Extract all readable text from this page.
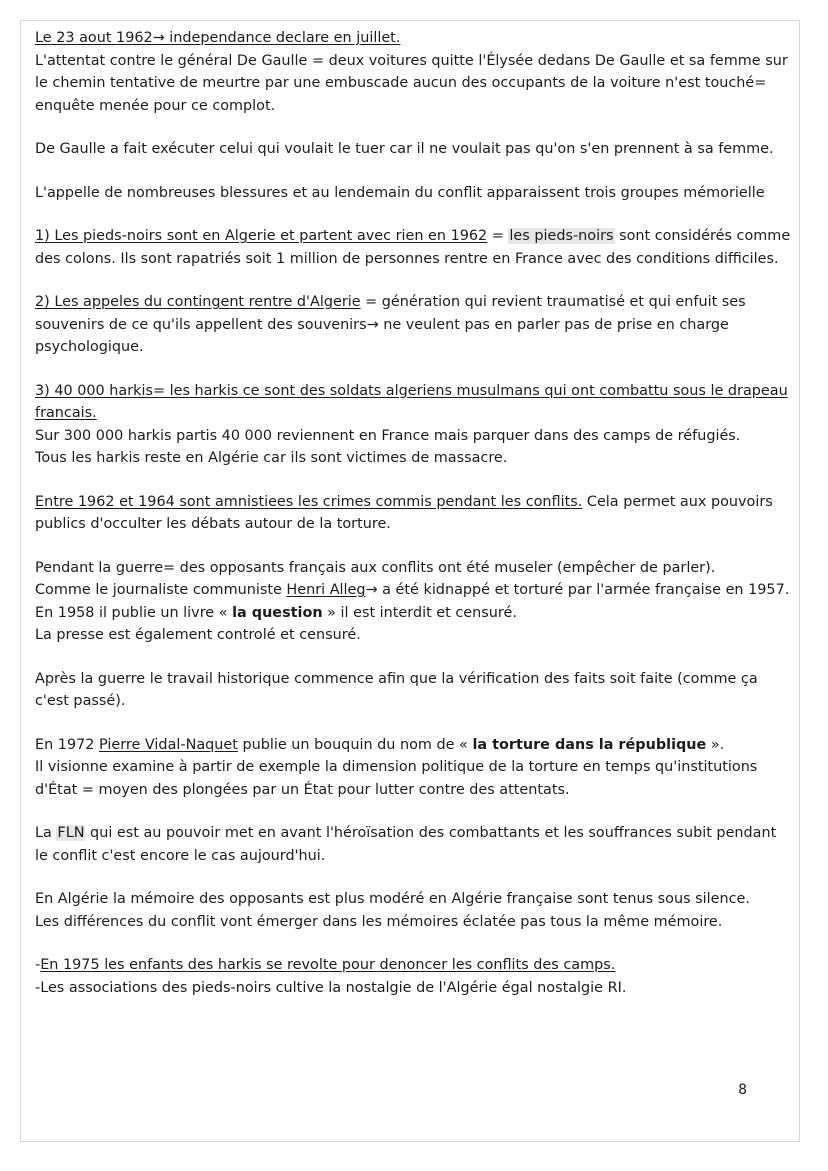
Le 23 aout 1962→ independance declare en juillet.
L'attentat contre le général De Gaulle = deux voitures quitte l'Élysée dedans De Gaulle et sa femme sur le chemin tentative de meurtre par une embuscade aucun des occupants de la voiture n'est touché= enquête menée pour ce complot.

De Gaulle a fait exécuter celui qui voulait le tuer car il ne voulait pas qu'on s'en prennent à sa femme.

L'appelle de nombreuses blessures et au lendemain du conflit apparaissent trois groupes mémorielle

1) Les pieds-noirs sont en Algerie et partent avec rien en 1962 = les pieds-noirs sont considérés comme des colons. Ils sont rapatriés soit 1 million de personnes rentre en France avec des conditions difficiles.

2) Les appeles du contingent rentre d'Algerie = génération qui revient traumatisé et qui enfuit ses souvenirs de ce qu'ils appellent des souvenirs→ ne veulent pas en parler pas de prise en charge psychologique.

3) 40 000 harkis= les harkis ce sont des soldats algeriens musulmans qui ont combattu sous le drapeau francais.
Sur 300 000 harkis partis 40 000 reviennent en France mais parquer dans des camps de réfugiés.
Tous les harkis reste en Algérie car ils sont victimes de massacre.

Entre 1962 et 1964 sont amnistiees les crimes commis pendant les conflits. Cela permet aux pouvoirs publics d'occulter les débats autour de la torture.

Pendant la guerre= des opposants français aux conflits ont été museler (empêcher de parler).
Comme le journaliste communiste Henri Alleg→ a été kidnappé et torturé par l'armée française en 1957.
En 1958 il publie un livre « la question » il est interdit et censuré.
La presse est également controlé et censuré.

Après la guerre le travail historique commence afin que la vérification des faits soit faite (comme ça c'est passé).

En 1972 Pierre Vidal-Naquet publie un bouquin du nom de « la torture dans la république ».
Il visionne examine à partir de exemple la dimension politique de la torture en temps qu'institutions d'État = moyen des plongées par un État pour lutter contre des attentats.

La FLN qui est au pouvoir met en avant l'héroïsation des combattants et les souffrances subit pendant le conflit c'est encore le cas aujourd'hui.

En Algérie la mémoire des opposants est plus modéré en Algérie française sont tenus sous silence.
Les différences du conflit vont émerger dans les mémoires éclatée pas tous la même mémoire.

-En 1975 les enfants des harkis se revolte pour denoncer les conflits des camps.
-Les associations des pieds-noirs cultive la nostalgie de l'Algérie égal nostalgie RI.

8
